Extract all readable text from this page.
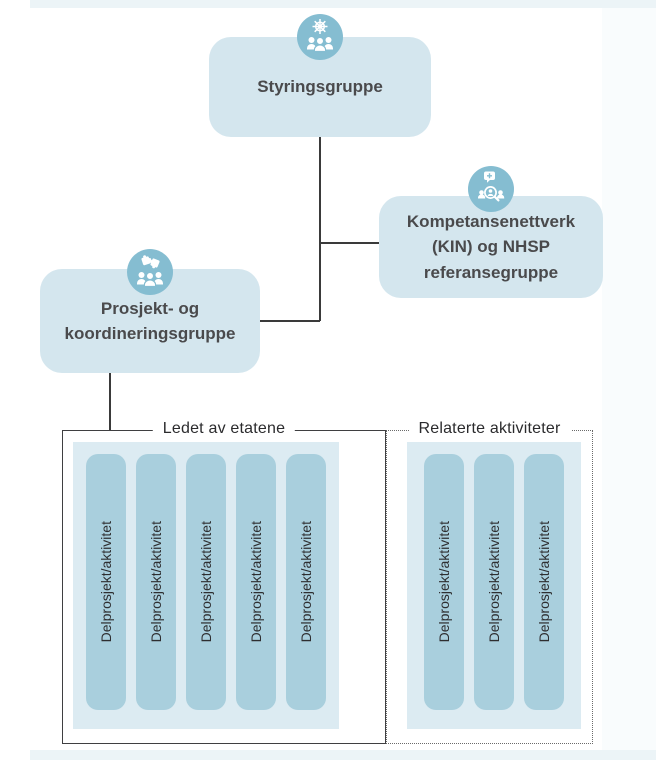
Styringsgruppe
Kompetansenettverk
(KIN) og NHSP
referansegruppe
Prosjekt- og
koordineringsgruppe
Ledet av etatene
Delprosjekt/aktivitet Delprosjekt/aktivitet Delprosjekt/aktivitet Delprosjekt/aktivitet Delprosjekt/aktivitet
Relaterte aktiviteter
Delprosjekt/aktivitet Delprosjekt/aktivitet Delprosjekt/aktivitet
